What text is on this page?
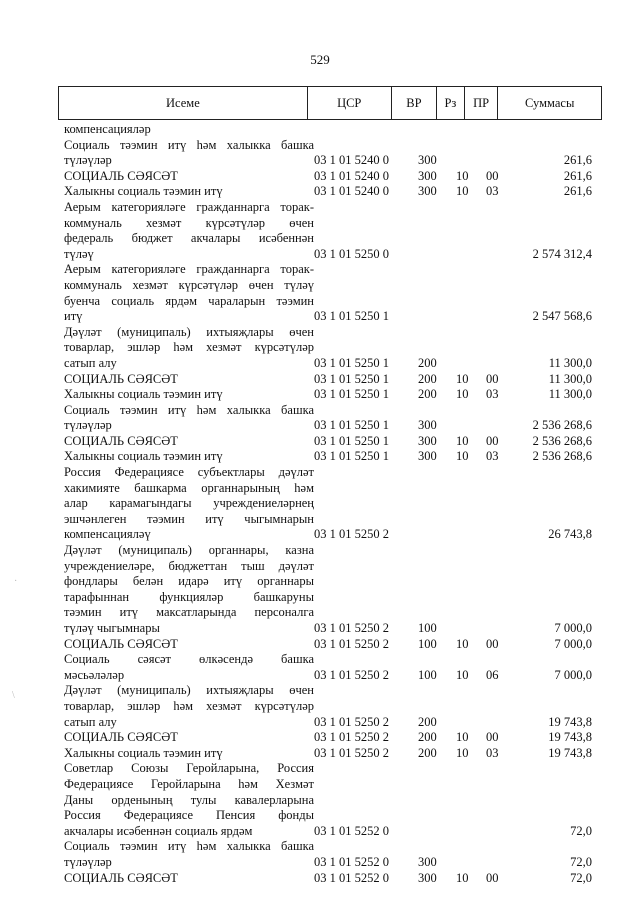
529
Исеме	ЦСР	ВР	Рз	ПР	Суммасы
компенсацияләр
Социаль тәэмин итү һәм халыкка башка
түләүләр	03 1 01 5240 0	300	261,6
СОЦИАЛЬ СӘЯСӘТ	03 1 01 5240 0	300	10	00	261,6
Халыкны социаль тәэмин итү	03 1 01 5240 0	300	10	03	261,6
Аерым категорияләге гражданнарга торак-
коммуналь хезмәт күрсәтүләр өчен
федераль бюджет акчалары исәбеннән
түләү	03 1 01 5250 0	2 574 312,4
Аерым категорияләге гражданнарга торак-
коммуналь хезмәт күрсәтүләр өчен түләү
буенча социаль ярдәм чараларын тәэмин
итү	03 1 01 5250 1	2 547 568,6
Дәүләт (муниципаль) ихтыяҗлары өчен
товарлар, эшләр һәм хезмәт күрсәтүләр
сатып алу	03 1 01 5250 1	200	11 300,0
СОЦИАЛЬ СӘЯСӘТ	03 1 01 5250 1	200	10	00	11 300,0
Халыкны социаль тәэмин итү	03 1 01 5250 1	200	10	03	11 300,0
Социаль тәэмин итү һәм халыкка башка
түләүләр	03 1 01 5250 1	300	2 536 268,6
СОЦИАЛЬ СӘЯСӘТ	03 1 01 5250 1	300	10	00	2 536 268,6
Халыкны социаль тәэмин итү	03 1 01 5250 1	300	10	03	2 536 268,6
Россия Федерациясе субъектлары дәүләт
хакимияте башкарма органнарының һәм
алар карамагындагы учреждениеләрнең
эшчәнлеген тәэмин итү чыгымнарын
компенсацияләү	03 1 01 5250 2	26 743,8
Дәүләт (муниципаль) органнары, казна
учреждениеләре, бюджеттан тыш дәүләт
фондлары белән идарә итү органнары
тарафыннан функцияләр башкаруны
тәэмин итү максатларында персоналга
түләү чыгымнары	03 1 01 5250 2	100	7 000,0
СОЦИАЛЬ СӘЯСӘТ	03 1 01 5250 2	100	10	00	7 000,0
Социаль сәясәт өлкәсендә башка
мәсьәләләр	03 1 01 5250 2	100	10	06	7 000,0
Дәүләт (муниципаль) ихтыяҗлары өчен
товарлар, эшләр һәм хезмәт күрсәтүләр
сатып алу	03 1 01 5250 2	200	19 743,8
СОЦИАЛЬ СӘЯСӘТ	03 1 01 5250 2	200	10	00	19 743,8
Халыкны социаль тәэмин итү	03 1 01 5250 2	200	10	03	19 743,8
Советлар Союзы Геройларына, Россия
Федерациясе Геройларына һәм Хезмәт
Даны орденының тулы кавалерларына
Россия Федерациясе Пенсия фонды
акчалары исәбеннән социаль ярдәм	03 1 01 5252 0	72,0
Социаль тәэмин итү һәм халыкка башка
түләүләр	03 1 01 5252 0	300	72,0
СОЦИАЛЬ СӘЯСӘТ	03 1 01 5252 0	300	10	00	72,0
·
\
